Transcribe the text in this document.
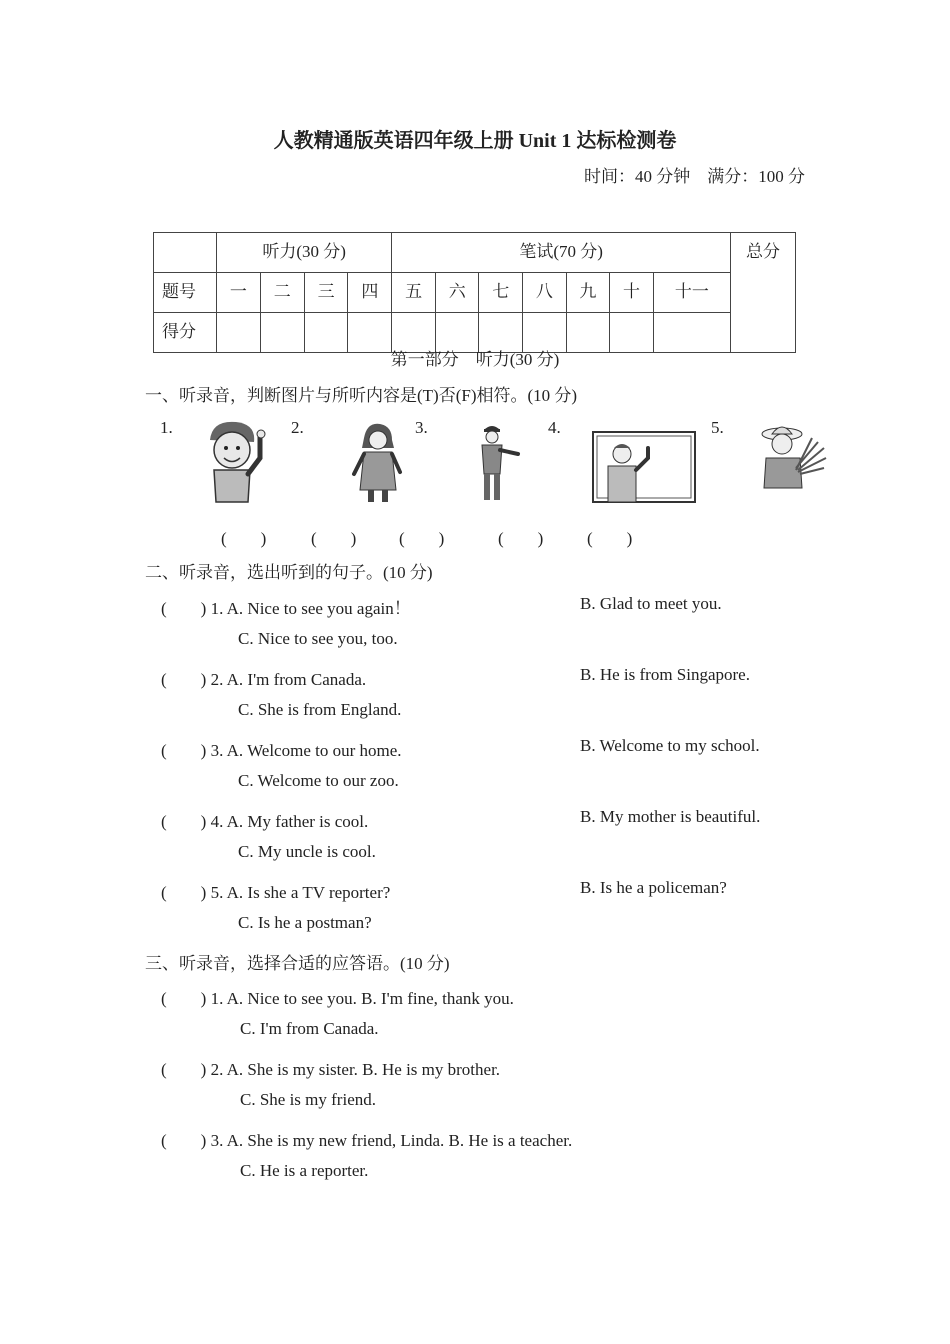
人教精通版英语四年级上册 Unit 1 达标检测卷
时间：40 分钟　满分：100 分
	听力(30 分)				笔试(70 分)							总分
题号	一	二	三	四	五	六	七	八	九	十	十一	
得分												
第一部分　听力(30 分)
一、听录音，判断图片与所听内容是(T)否(F)相符。(10 分)
1.	2.	3.	4.	5.
(　　)	(　　)	(　　)	(　　)	(　　)
二、听录音，选出听到的句子。(10 分)
(　　) 1. A. Nice to see you again！	B. Glad to meet you.
C. Nice to see you, too.
(　　) 2. A. I'm from Canada.	B. He is from Singapore.
C. She is from England.
(　　) 3. A. Welcome to our home.	B. Welcome to my school.
C. Welcome to our zoo.
(　　) 4. A. My father is cool.	B. My mother is beautiful.
C. My uncle is cool.
(　　) 5. A. Is she a TV reporter?	B. Is he a policeman?
C. Is he a postman?
三、听录音，选择合适的应答语。(10 分)
(　　) 1. A. Nice to see you. B. I'm fine, thank you.
C. I'm from Canada.
(　　) 2. A. She is my sister. B. He is my brother.
C. She is my friend.
(　　) 3. A. She is my new friend, Linda. B. He is a teacher.
C. He is a reporter.
